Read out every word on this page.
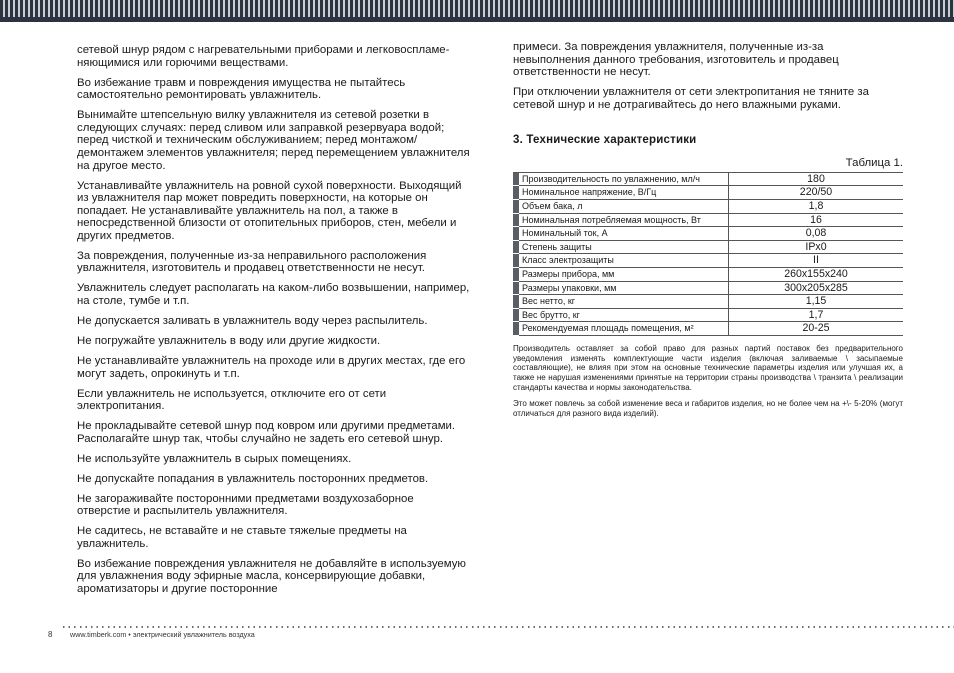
сетевой шнур рядом с нагревательными приборами и легковоспламе-няющимися или горючими веществами.

Во избежание травм и повреждения имущества не пытайтесь самостоятельно ремонтировать увлажнитель.

Вынимайте штепсельную вилку увлажнителя из сетевой розетки в следующих случаях: перед сливом или заправкой резервуара водой; перед чисткой и техническим обслуживанием; перед монтажом/демонтажем элементов увлажнителя; перед перемещением увлажнителя на другое место.

Устанавливайте увлажнитель на ровной сухой поверхности. Выходящий из увлажнителя пар может повредить поверхности, на которые он попадает. Не устанавливайте увлажнитель на пол, а также в непосредственной близости от отопительных приборов, стен, мебели и других предметов.

За повреждения, полученные из-за неправильного расположения увлажнителя, изготовитель и продавец ответственности не несут.

Увлажнитель следует располагать на каком-либо возвышении, например, на столе, тумбе и т.п.

Не допускается заливать в увлажнитель воду через распылитель.

Не погружайте увлажнитель в воду или другие жидкости.

Не устанавливайте увлажнитель на проходе или в других местах, где его могут задеть, опрокинуть и т.п.

Если увлажнитель не используется, отключите его от сети электропитания.

Не прокладывайте сетевой шнур под ковром или другими предметами. Располагайте шнур так, чтобы случайно не задеть его сетевой шнур.

Не используйте увлажнитель в сырых помещениях.

Не допускайте попадания в увлажнитель посторонних предметов.

Не загораживайте посторонними предметами воздухозаборное отверстие и распылитель увлажнителя.

Не садитесь, не вставайте и не ставьте тяжелые предметы на увлажнитель.

Во избежание повреждения увлажнителя не добавляйте в используемую для увлажнения воду эфирные масла, консервирующие добавки, ароматизаторы и другие посторонние

примеси. За повреждения увлажнителя, полученные из-за невыполнения данного требования, изготовитель и продавец ответственности не несут.

При отключении увлажнителя от сети электропитания не тяните за сетевой шнур и не дотрагивайтесь до него влажными руками.

3. Технические характеристики
Таблица 1.
	Производительность по увлажнению, мл/ч	180
	Номинальное напряжение, В/Гц	220/50
	Объем бака, л	1,8
	Номинальная потребляемая мощность, Вт	16
	Номинальный ток, А	0,08
	Степень защиты	IPx0
	Класс электрозащиты	II
	Размеры прибора, мм	260x155x240
	Размеры упаковки, мм	300x205x285
	Вес нетто, кг	1,15
	Вес брутто, кг	1,7
	Рекомендуемая площадь помещения, м²	20-25

Производитель оставляет за собой право для разных партий поставок без предварительного уведомления изменять комплектующие части изделия (включая заливаемые \ засыпаемые составляющие), не влияя при этом на основные технические параметры изделия или улучшая их, а также не нарушая изменениями принятые на территории страны производства \ транзита \ реализации стандарты качества и нормы законодательства.

Это может повлечь за собой изменение веса и габаритов изделия, но не более чем на +\- 5-20% (могут отличаться для разного вида изделий).

8 www.timberk.com • электрический увлажнитель воздуха
